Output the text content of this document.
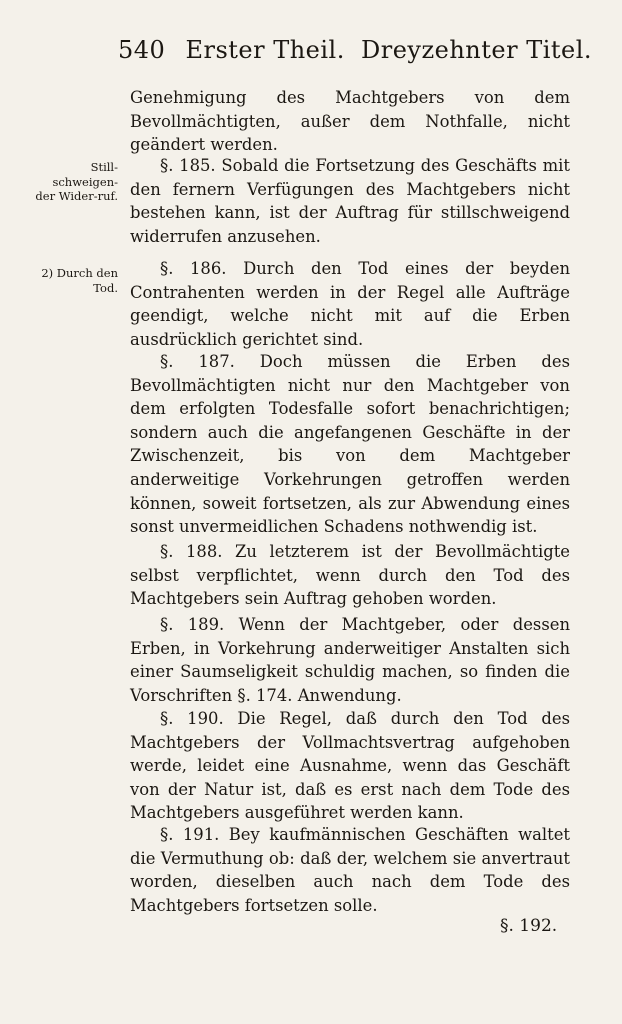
540 Erster Theil. Dreyzehnter Titel.
Still-schweigen-der Wider-ruf.
2) Durch den Tod.

Genehmigung des Machtgebers von dem Bevollmächtigten, außer dem Nothfalle, nicht geändert werden.

§. 185. Sobald die Fortsetzung des Geschäfts mit den fernern Verfügungen des Machtgebers nicht bestehen kann, ist der Auftrag für stillschweigend widerrufen anzusehen.

§. 186. Durch den Tod eines der beyden Contrahenten werden in der Regel alle Aufträge geendigt, welche nicht mit auf die Erben ausdrücklich gerichtet sind.

§. 187. Doch müssen die Erben des Bevollmächtigten nicht nur den Machtgeber von dem erfolgten Todesfalle sofort benachrichtigen; sondern auch die angefangenen Geschäfte in der Zwischenzeit, bis von dem Machtgeber anderweitige Vorkehrungen getroffen werden können, soweit fortsetzen, als zur Abwendung eines sonst unvermeidlichen Schadens nothwendig ist.

§. 188. Zu letzterem ist der Bevollmächtigte selbst verpflichtet, wenn durch den Tod des Machtgebers sein Auftrag gehoben worden.

§. 189. Wenn der Machtgeber, oder dessen Erben, in Vorkehrung anderweitiger Anstalten sich einer Saumseligkeit schuldig machen, so finden die Vorschriften §. 174. Anwendung.

§. 190. Die Regel, daß durch den Tod des Machtgebers der Vollmachtsvertrag aufgehoben werde, leidet eine Ausnahme, wenn das Geschäft von der Natur ist, daß es erst nach dem Tode des Machtgebers ausgeführet werden kann.

§. 191. Bey kaufmännischen Geschäften waltet die Vermuthung ob: daß der, welchem sie anvertraut worden, dieselben auch nach dem Tode des Machtgebers fortsetzen solle.

§. 192.
